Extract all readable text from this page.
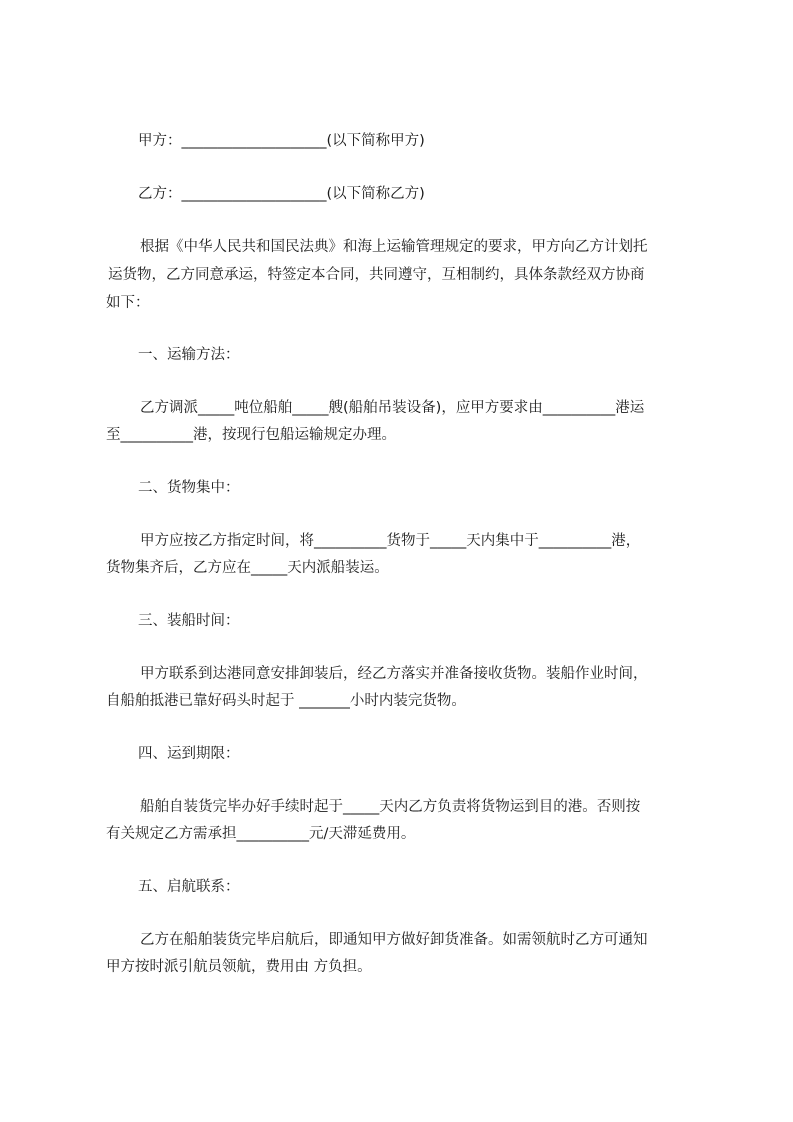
甲方：____________________(以下简称甲方)

乙方：____________________(以下简称乙方)

根据《中华人民共和国民法典》和海上运输管理规定的要求，甲方向乙方计划托

运货物，乙方同意承运，特签定本合同，共同遵守，互相制约，具体条款经双方协商

如下：

一、运输方法：

乙方调派_____吨位船舶_____艘(船舶吊装设备)，应甲方要求由__________港运

至__________港，按现行包船运输规定办理。

二、货物集中：

甲方应按乙方指定时间，将__________货物于_____天内集中于__________港，

货物集齐后，乙方应在_____天内派船装运。

三、装船时间：

甲方联系到达港同意安排卸装后，经乙方落实并准备接收货物。装船作业时间，

自船舶抵港已靠好码头时起于 _______小时内装完货物。

四、运到期限：

船舶自装货完毕办好手续时起于_____天内乙方负责将货物运到目的港。否则按

有关规定乙方需承担__________元/天滞延费用。

五、启航联系：

乙方在船舶装货完毕启航后，即通知甲方做好卸货准备。如需领航时乙方可通知

甲方按时派引航员领航，费用由 方负担。
